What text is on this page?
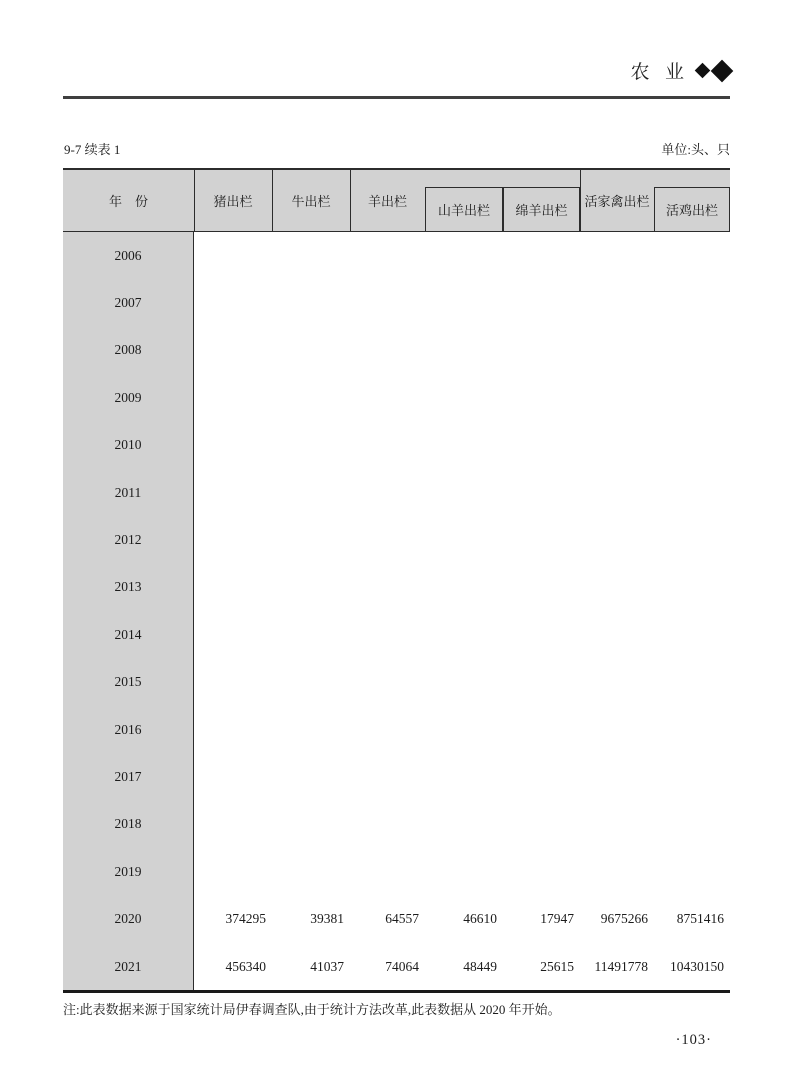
农  业
9-7 续表 1	单位:头、只
年　份	猪出栏	牛出栏	羊出栏	活家禽出栏
山羊出栏	绵羊出栏	活鸡出栏
2006
2007
2008
2009
2010
2011
2012
2013
2014
2015
2016
2017
2018
2019
2020	374295	39381	64557	46610	17947	9675266	8751416
2021	456340	41037	74064	48449	25615	11491778	10430150
注:此表数据来源于国家统计局伊春调查队,由于统计方法改革,此表数据从 2020 年开始。
·103·
